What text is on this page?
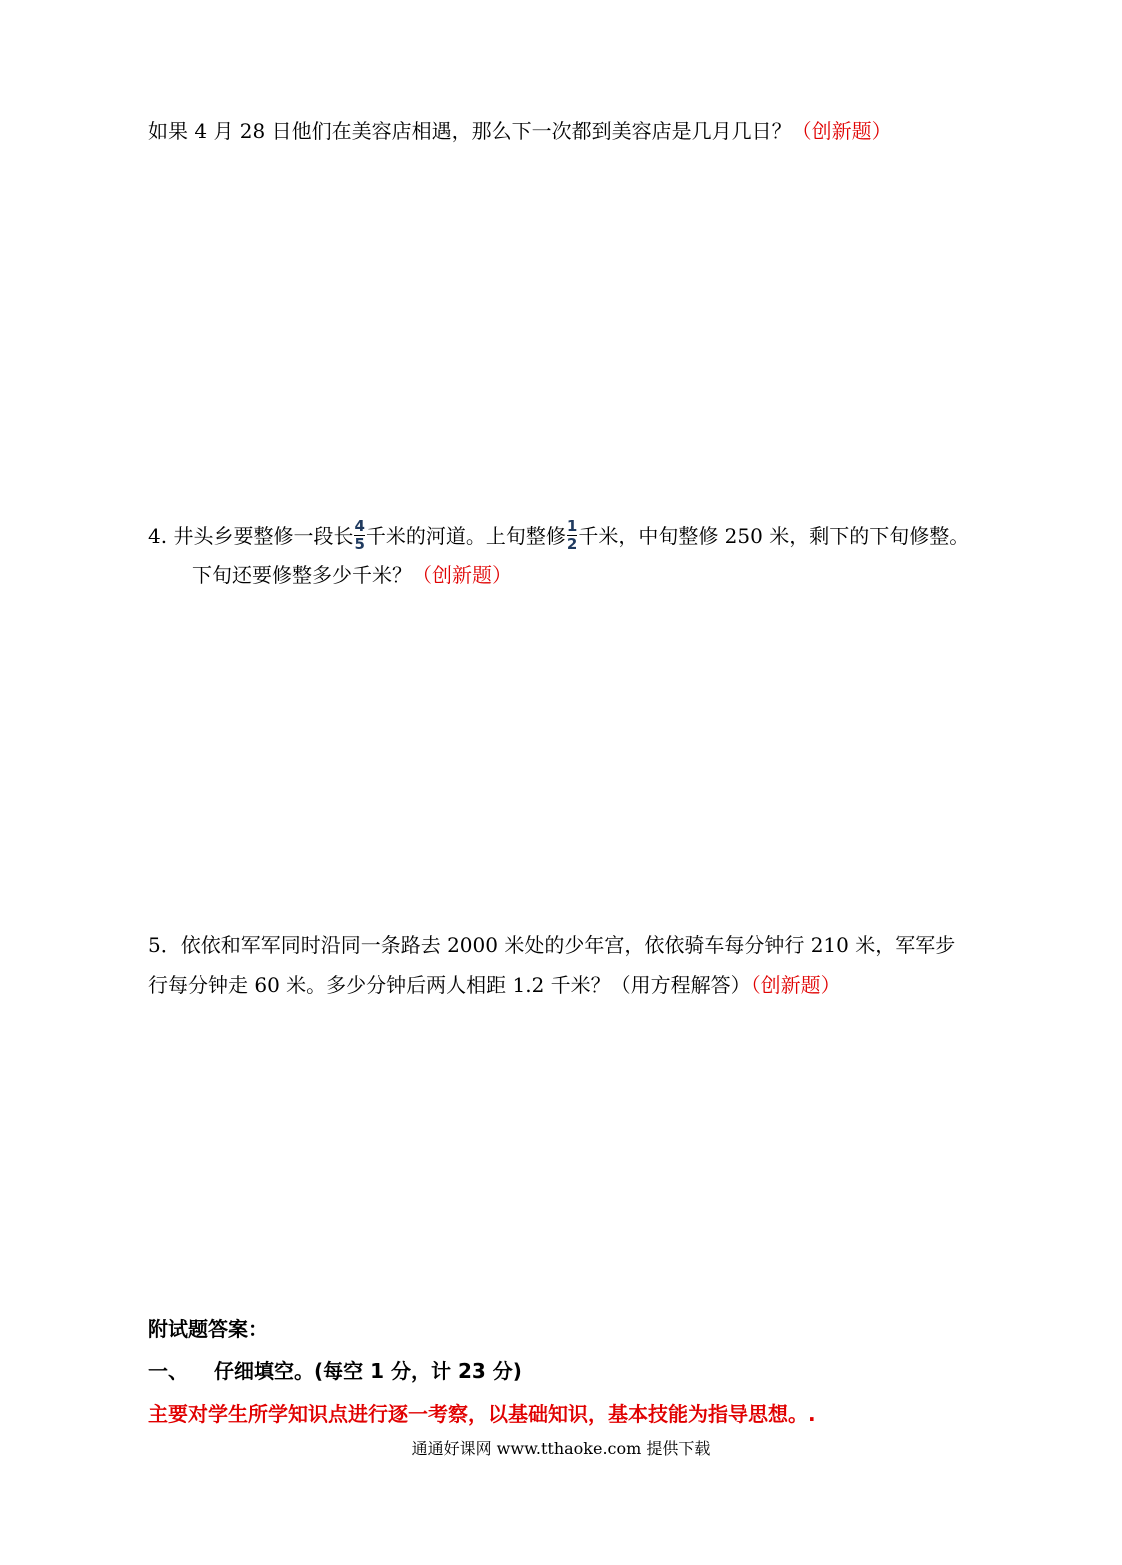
如果 4 月 28 日他们在美容店相遇，那么下一次都到美容店是几月几日？（创新题）
4. 井头乡要整修一段长 $\frac{4}{5}$ 千米的河道。上旬整修 $\frac{1}{2}$ 千米，中旬整修 250 米，剩下的下旬修整。
下旬还要修整多少千米？（创新题）
5．依依和军军同时沿同一条路去 2000 米处的少年宫，依依骑车每分钟行 210 米，军军步
行每分钟走 60 米。多少分钟后两人相距 1.2 千米？（用方程解答）（创新题）
附试题答案：
一、 仔细填空。(每空 1 分，计 23 分)
主要对学生所学知识点进行逐一考察，以基础知识，基本技能为指导思想。.
通通好课网 www.tthaoke.com 提供下载
